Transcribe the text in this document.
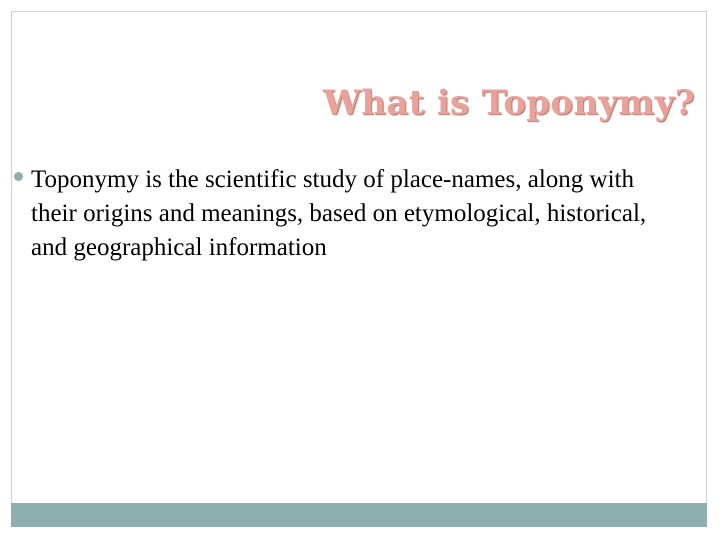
What is Toponymy?
Toponymy is the scientific study of place-names, along with their origins and meanings, based on etymological, historical, and geographical information
